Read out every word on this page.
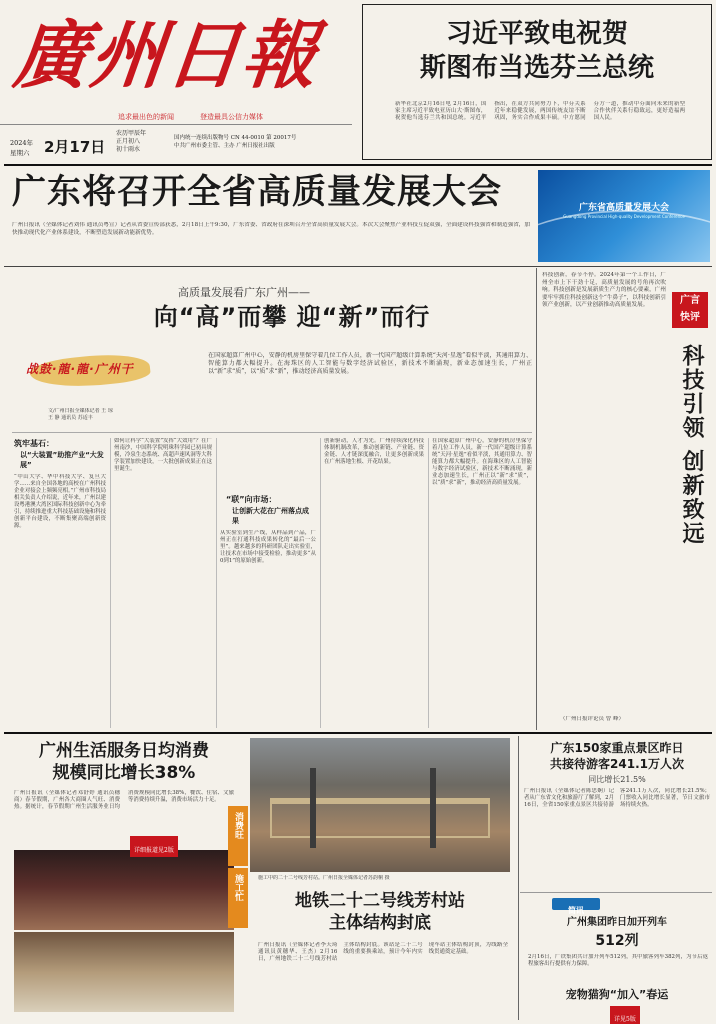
廣州日報
追求最出色的新闻	登造最具公信力媒体
2024年
星期六 2月17日
农历甲辰年
正月初八
初十雨水
国内统一连续出版物号 CN 44-0010 第 20017号
中共广州市委主管、主办 广州日报社出版
习近平致电祝贺
斯图布当选芬兰总统
新华社北京2月16日电 2月16日，国家主席习近平致电亚历山大·斯图布，祝贺他当选芬兰共和国总统。习近平指出，在双方共同努力下，中芬关系近年来稳健发展，两国传统友谊不断巩固，务实合作成果丰硕。中方愿同芬方一道，推动中芬面向未来的新型合作伙伴关系行稳致远，更好造福两国人民。
广东将召开全省高质量发展大会
广州日报讯（全媒体记者刘伟 通讯员粤宣）记者从省委宣传部获悉，2月18日上午9:30，广东省委、省政府在深圳召开全省高质量发展大会。本次大会聚焦产业科技互促双强，全面建设科技强省和制造强省，加快推动现代化产业体系建设，不断塑造发展新动能新优势。
广东省高质量发展大会
Guangdong Provincial High-quality Development Conference
高质量发展看广东广州——
向“高”而攀 迎“新”而行
战鼓·龍·龍·广州干
文/广州日报全媒体记者 王 琼
王 静 通讯员 苏适丰
在国家超算广州中心，安静的机房里保守着几位工作人员，新一代国产超级计算系统“天河·星逸”看似平淡，其通用算力、智能算力都大幅提升。在海珠区的人工智能与数字经济试验区，新技术不断涌现，新业态加速生长，广州正以“新”求“质”，以“质”求“新”，推动经济高质量发展。
筑牢基石：
以“大装置”助推产业“大发展”
“中山大学、华中科技大学、复旦大学……来自全国各地的高校在广州科技企业对接会上频频亮相。”广州市科技局相关负责人介绍说，近年来，广州以建设粤港澳大湾区国际科技创新中心为牵引，持续推进重大科技基础设施和科技创新平台建设，不断集聚高端创新资源。
如何让科学“大装置”发挥“大效用”？在广州南沙，中国科学院明珠科学园已初具规模，冷泉生态系统、高超声速风洞等大科学装置加快建设，一大批创新成果正在这里诞生。
“联”向市场：
让创新大花在广州落点成果
从实验室到生产线，从样品到产品，广州正在打通科技成果转化的“最后一公里”。越来越多的科研团队走出实验室，让技术在市场中接受检验，推动更多“从0到1”的原始创新。
创新驱动，人才为先。广州持续深化科技体制机制改革，推动创新链、产业链、资金链、人才链深度融合，让更多创新成果在广州落地生根、开花结果。
在国家超算广州中心，安静的机房里保守着几位工作人员，新一代国产超级计算系统“天河·星逸”看似平淡，其通用算力、智能算力都大幅提升。在海珠区的人工智能与数字经济试验区，新技术不断涌现，新业态加速生长，广州正以“新”求“质”，以“质”求“新”，推动经济高质量发展。
科技创新，春节不停。2024年第一个工作日，广州全市上下干劲十足，高质量发展的号角再次吹响。科技创新是发展新质生产力的核心要素，广州要牢牢抓住科技创新这个“牛鼻子”，以科技创新引领产业创新，以产业创新推动高质量发展。	广言
快评
科技引领 创新致远
（广州日报评论员 曾 峰）
广州生活服务日均消费
规模同比增长38%
广州日报讯（全媒体记者邓舒婷 通讯员穗商）春节假期，广州各大商圈人气旺、消费热。据统计，春节假期广州生活服务业日均消费规模同比增长38%，餐饮、住宿、文旅等消费持续升温，消费市场活力十足。
详细报道见2版
消费旺
施工忙	施工中的二十二号线芳村站。广州日报全媒体记者苏韵桐 摄
地铁二十二号线芳村站
主体结构封底
广州日报讯（全媒体记者李天琦 通讯员黄穗华、王杰）2月16日，广州地铁二十二号线芳村站主体结构封底。该站是二十二号线的重要换乘站，预计今年内实现车站主体结构封顶，为线路全线贯通奠定基础。
广东150家重点景区昨日
共接待游客241.1万人次
同比增长21.5%
广州日报讯（全媒体记者陈思娴）记者从广东省文化和旅游厅了解到，2月16日，全省150家重点景区共接待游客241.1万人次，同比增长21.5%；门票收入同比增长显著，节日文旅市场持续火热。
简讯
广州集团昨日加开列车
512列
2月16日，广铁集团共计加开列车512列，其中旅客列车382列，为节后返程旅客出行提供有力保障。
宠物猫狗“加入”春运
详见5版
